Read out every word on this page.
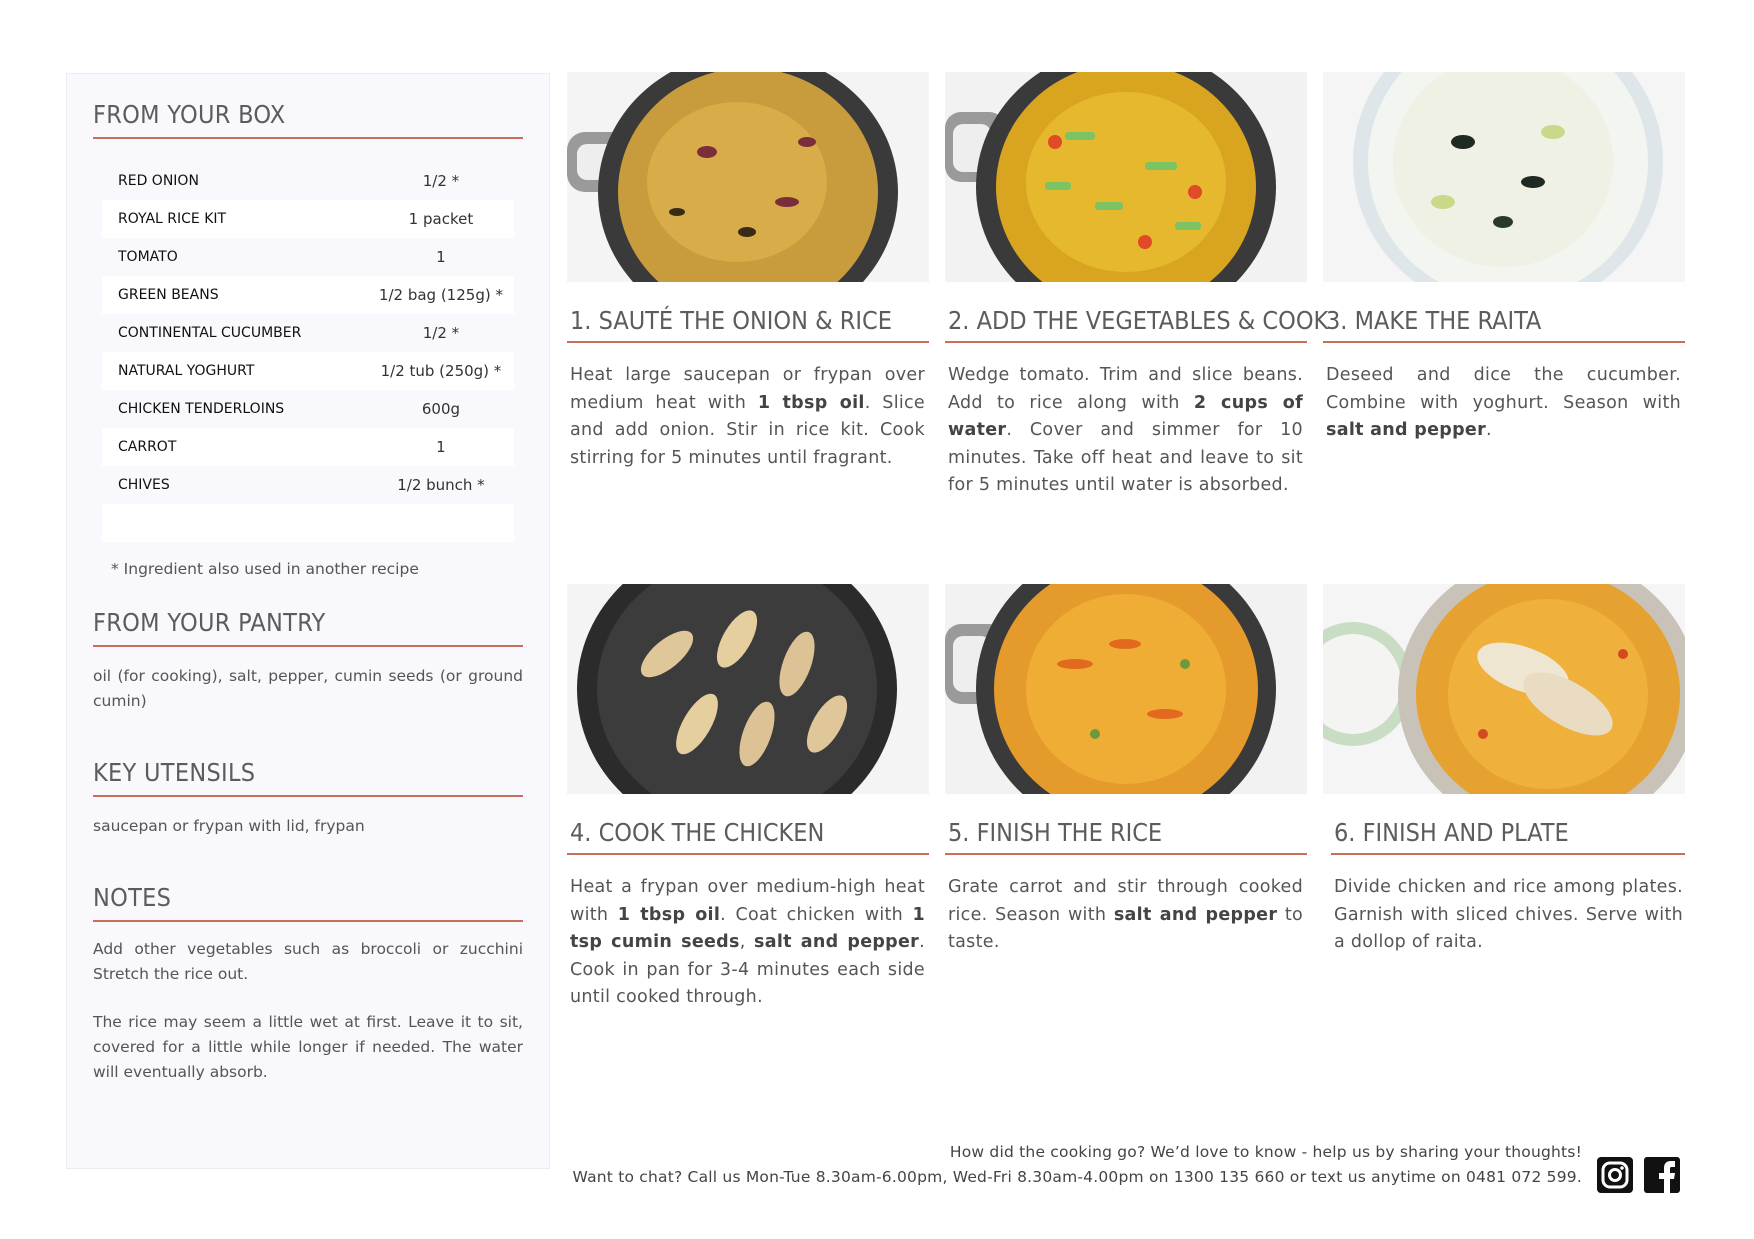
FROM YOUR BOX
RED ONION	1/2 *
ROYAL RICE KIT	1 packet
TOMATO	1
GREEN BEANS	1/2 bag (125g) *
CONTINENTAL CUCUMBER	1/2 *
NATURAL YOGHURT	1/2 tub (250g) *
CHICKEN TENDERLOINS	600g
CARROT	1
CHIVES	1/2 bunch *
* Ingredient also used in another recipe
FROM YOUR PANTRY
oil (for cooking), salt, pepper, cumin seeds (or ground cumin)
KEY UTENSILS
saucepan or frypan with lid, frypan
NOTES
Add other vegetables such as broccoli or zucchini Stretch the rice out.
The rice may seem a little wet at first. Leave it to sit, covered for a little while longer if needed. The water will eventually absorb.
1. SAUTÉ THE ONION & RICE
Heat large saucepan or frypan over medium heat with 1 tbsp oil. Slice and add onion. Stir in rice kit. Cook stirring for 5 minutes until fragrant.
2. ADD THE VEGETABLES & COOK
Wedge tomato. Trim and slice beans. Add to rice along with 2 cups of water. Cover and simmer for 10 minutes. Take off heat and leave to sit for 5 minutes until water is absorbed.
3. MAKE THE RAITA
Deseed and dice the cucumber. Combine with yoghurt. Season with salt and pepper.
4. COOK THE CHICKEN
Heat a frypan over medium-high heat with 1 tbsp oil. Coat chicken with 1 tsp cumin seeds, salt and pepper. Cook in pan for 3-4 minutes each side until cooked through.
5. FINISH THE RICE
Grate carrot and stir through cooked rice. Season with salt and pepper to taste.
6. FINISH AND PLATE
Divide chicken and rice among plates. Garnish with sliced chives. Serve with a dollop of raita.
How did the cooking go? We’d love to know - help us by sharing your thoughts!
Want to chat? Call us Mon-Tue 8.30am-6.00pm, Wed-Fri 8.30am-4.00pm on 1300 135 660 or text us anytime on 0481 072 599.
